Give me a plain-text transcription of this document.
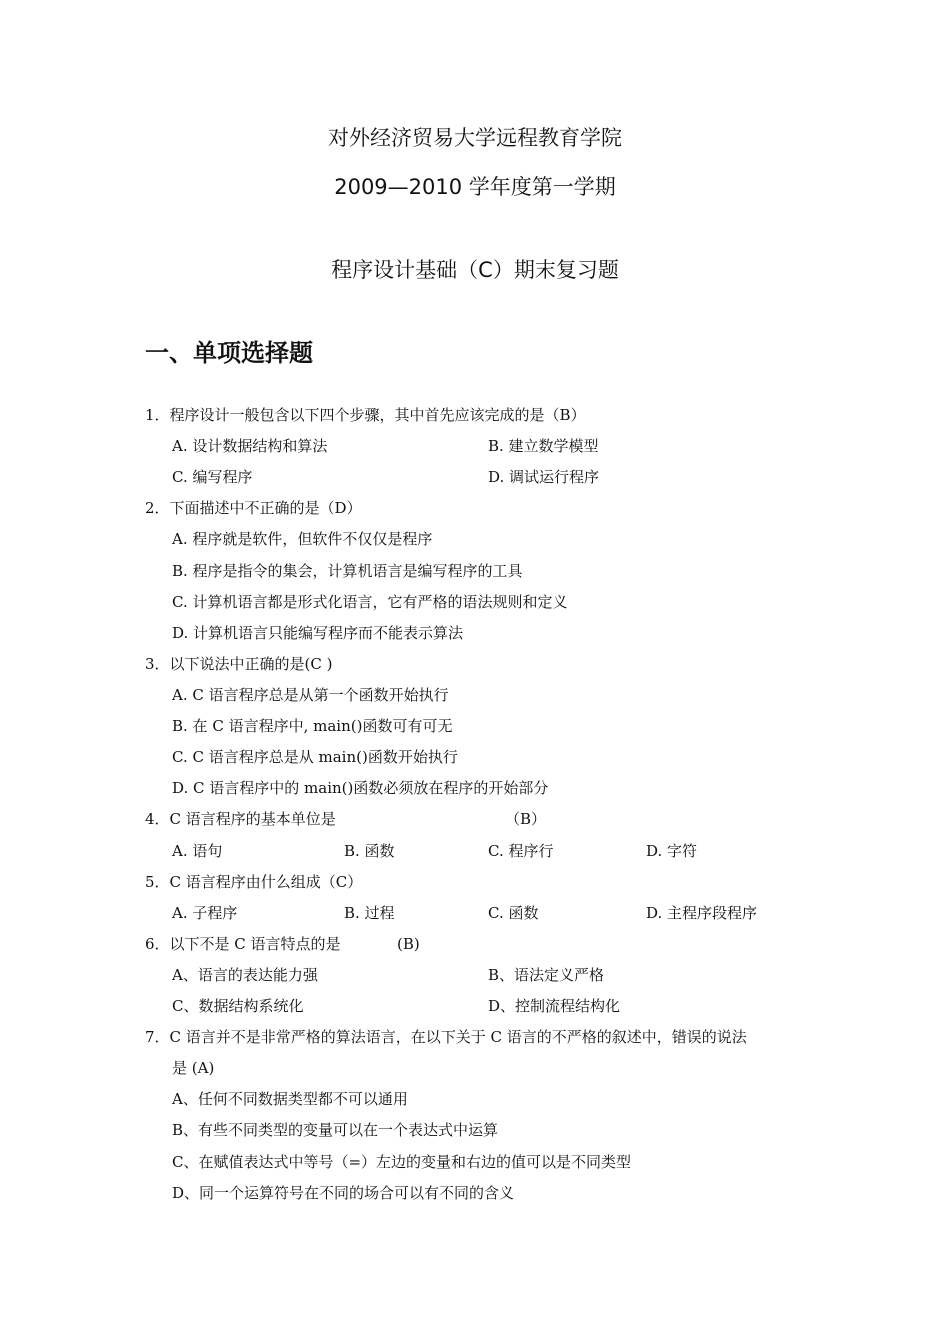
对外经济贸易大学远程教育学院
2009—2010 学年度第一学期
程序设计基础（C）期末复习题
一、单项选择题
1．程序设计一般包含以下四个步骤，其中首先应该完成的是（B）
A. 设计数据结构和算法	B. 建立数学模型
C. 编写程序	D. 调试运行程序
2．下面描述中不正确的是（D）
A. 程序就是软件，但软件不仅仅是程序
B. 程序是指令的集会，计算机语言是编写程序的工具
C. 计算机语言都是形式化语言，它有严格的语法规则和定义
D. 计算机语言只能编写程序而不能表示算法
3．以下说法中正确的是(C )
A. C 语言程序总是从第一个函数开始执行
B. 在 C 语言程序中, main()函数可有可无
C. C 语言程序总是从 main()函数开始执行
D. C 语言程序中的 main()函数必须放在程序的开始部分
4．C 语言程序的基本单位是	（B）
A. 语句	B. 函数	C. 程序行	D. 字符
5．C 语言程序由什么组成（C）
A. 子程序	B. 过程	C. 函数	D. 主程序段程序
6．以下不是 C 语言特点的是	(B)
A、语言的表达能力强	B、语法定义严格
C、数据结构系统化	D、控制流程结构化
7．C 语言并不是非常严格的算法语言，在以下关于 C 语言的不严格的叙述中，错误的说法
是 (A)
A、任何不同数据类型都不可以通用
B、有些不同类型的变量可以在一个表达式中运算
C、在赋值表达式中等号（=）左边的变量和右边的值可以是不同类型
D、同一个运算符号在不同的场合可以有不同的含义
